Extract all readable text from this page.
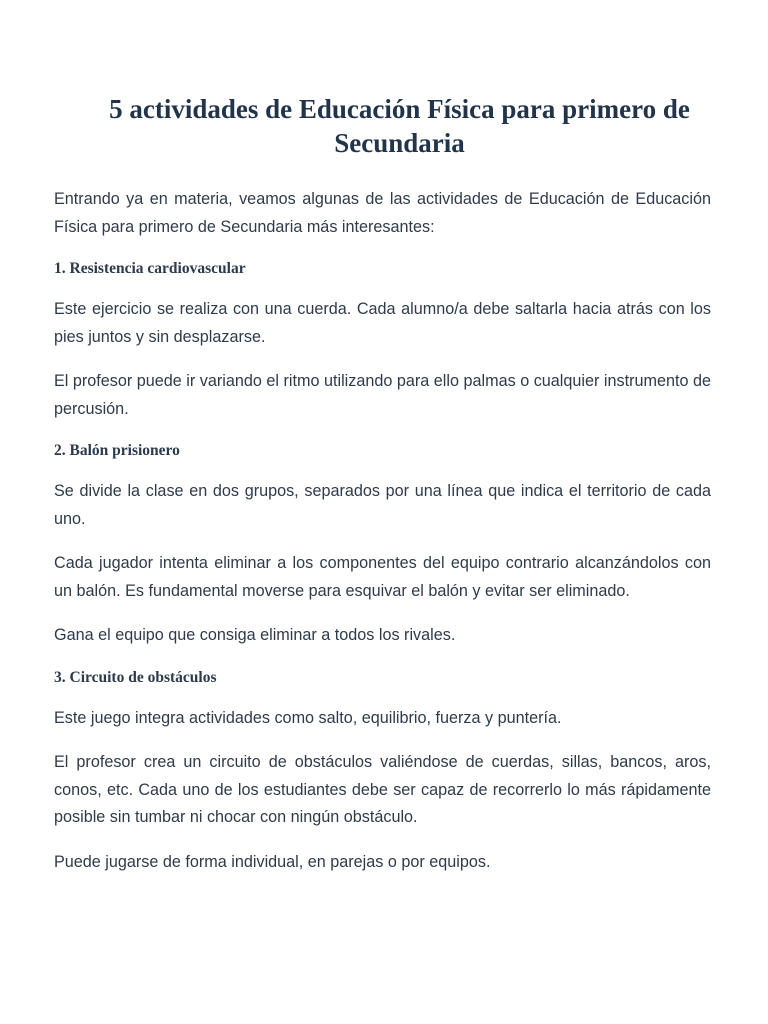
5 actividades de Educación Física para primero de Secundaria

Entrando ya en materia, veamos algunas de las actividades de Educación de Educación Física para primero de Secundaria más interesantes:

1. Resistencia cardiovascular

Este ejercicio se realiza con una cuerda. Cada alumno/a debe saltarla hacia atrás con los pies juntos y sin desplazarse.

El profesor puede ir variando el ritmo utilizando para ello palmas o cualquier instrumento de percusión.

2. Balón prisionero

Se divide la clase en dos grupos, separados por una línea que indica el territorio de cada uno.

Cada jugador intenta eliminar a los componentes del equipo contrario alcanzándolos con un balón. Es fundamental moverse para esquivar el balón y evitar ser eliminado.

Gana el equipo que consiga eliminar a todos los rivales.

3. Circuito de obstáculos

Este juego integra actividades como salto, equilibrio, fuerza y puntería.

El profesor crea un circuito de obstáculos valiéndose de cuerdas, sillas, bancos, aros, conos, etc. Cada uno de los estudiantes debe ser capaz de recorrerlo lo más rápidamente posible sin tumbar ni chocar con ningún obstáculo.

Puede jugarse de forma individual, en parejas o por equipos.
